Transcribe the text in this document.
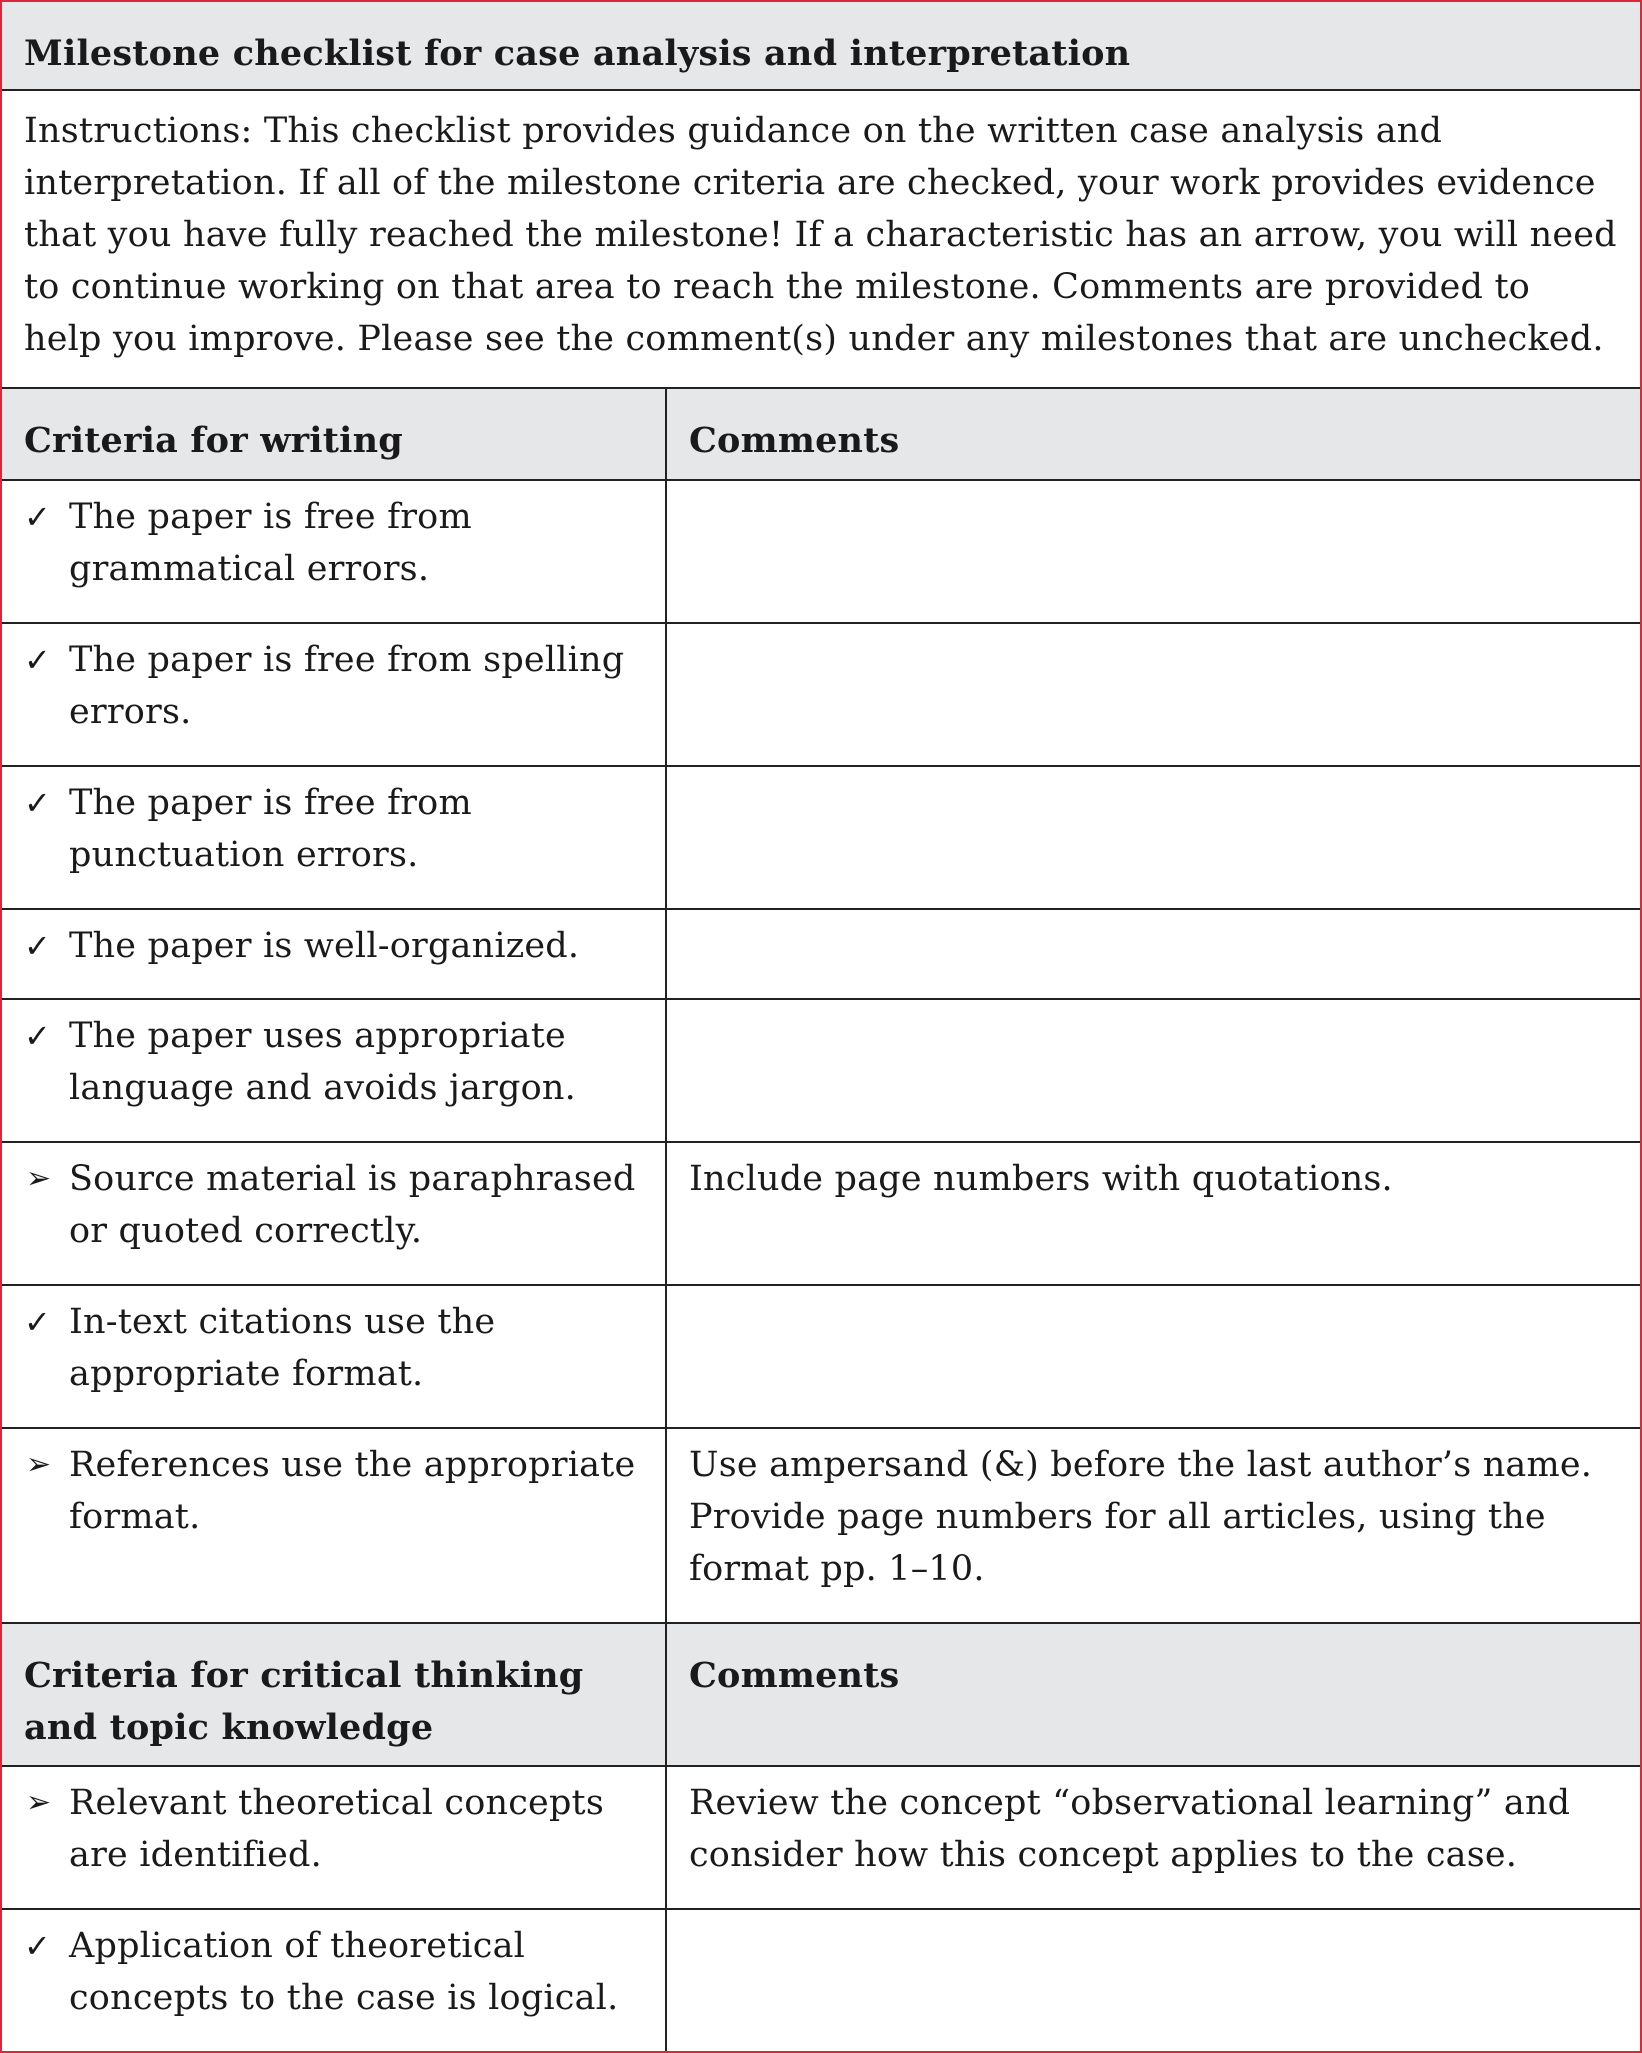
Milestone checklist for case analysis and interpretation	
Instructions: This checklist provides guidance on the written case analysis and interpretation. If all of the milestone criteria are checked, your work provides evidence that you have fully reached the milestone! If a characteristic has an arrow, you will need to continue working on that area to reach the milestone. Comments are provided to help you improve. Please see the comment(s) under any milestones that are unchecked.	
Criteria for writing	Comments

✓ The paper is free from grammatical errors.	

✓ The paper is free from spelling errors.	

✓ The paper is free from punctuation errors.	

✓ The paper is well-organized.	

✓ The paper uses appropriate language and avoids jargon.	

➢ Source material is paraphrased or quoted correctly.	Include page numbers with quotations.

✓ In-text citations use the appropriate format.	

➢ References use the appropriate format.	Use ampersand (&) before the last author’s name. Provide page numbers for all articles, using the format pp. 1–10.
Criteria for critical thinking and topic knowledge	Comments

➢ Relevant theoretical concepts are identified.	Review the concept “observational learning” and consider how this concept applies to the case.

✓ Application of theoretical concepts to the case is logical.	
